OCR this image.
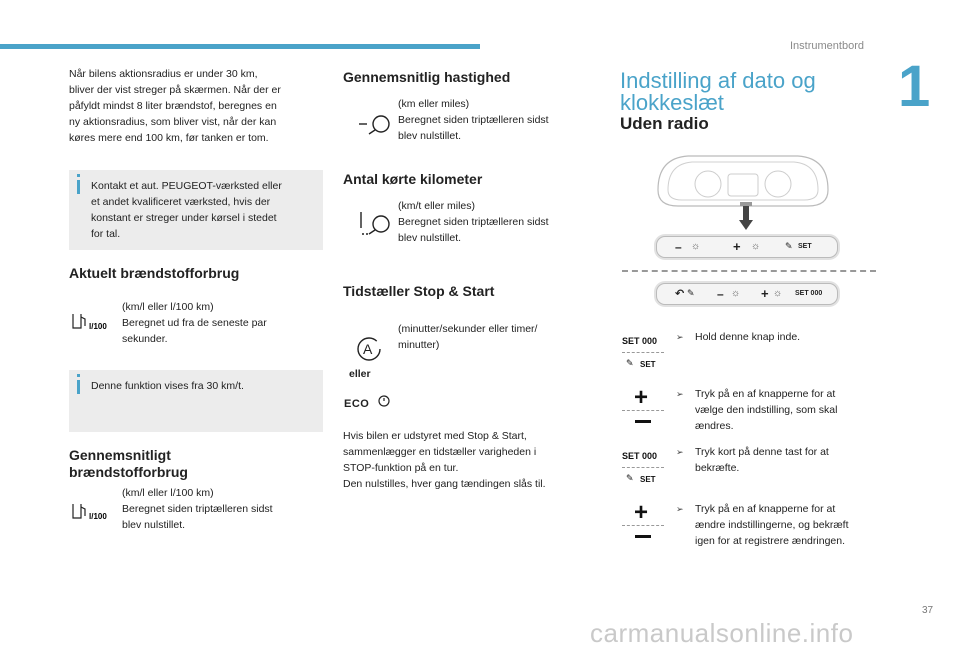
Instrumentbord
1
Når bilens aktionsradius er under 30 km,
bliver der vist streger på skærmen. Når der er
påfyldt mindst 8 liter brændstof, beregnes en
ny aktionsradius, som bliver vist, når der kan
køres mere end 100 km, før tanken er tom.
Kontakt et aut. PEUGEOT-værksted eller
et andet kvalificeret værksted, hvis der
konstant er streger under kørsel i stedet
for tal.
Aktuelt brændstofforbrug
l/100
(km/l eller l/100 km)
Beregnet ud fra de seneste par
sekunder.
Denne funktion vises fra 30 km/t.
Gennemsnitligt
brændstofforbrug
l/100
(km/l eller l/100 km)
Beregnet siden triptælleren sidst
blev nulstillet.
Gennemsnitlig hastighed
(km eller miles)
Beregnet siden triptælleren sidst
blev nulstillet.
Antal kørte kilometer
(km/t eller miles)
Beregnet siden triptælleren sidst
blev nulstillet.
Tidstæller Stop & Start
A
eller
ECO
(minutter/sekunder eller timer/
minutter)
Hvis bilen er udstyret med Stop & Start,
sammenlægger en tidstæller varigheden i
STOP-funktion på en tur.
Den nulstilles, hver gang tændingen slås til.
Indstilling af dato og
klokkeslæt
Uden radio
– ☼	+ ☼	✎ SET
↶ ✎ – ☼ + ☼ SET 000
SET 000
✎ SET
➢ Hold denne knap inde.
+	➢ Tryk på en af knapperne for at
vælge den indstilling, som skal
ændres.
SET 000
✎ SET
➢ Tryk kort på denne tast for at
bekræfte.
+	➢ Tryk på en af knapperne for at
ændre indstillingerne, og bekræft
igen for at registrere ændringen.
37
carmanualsonline.info
